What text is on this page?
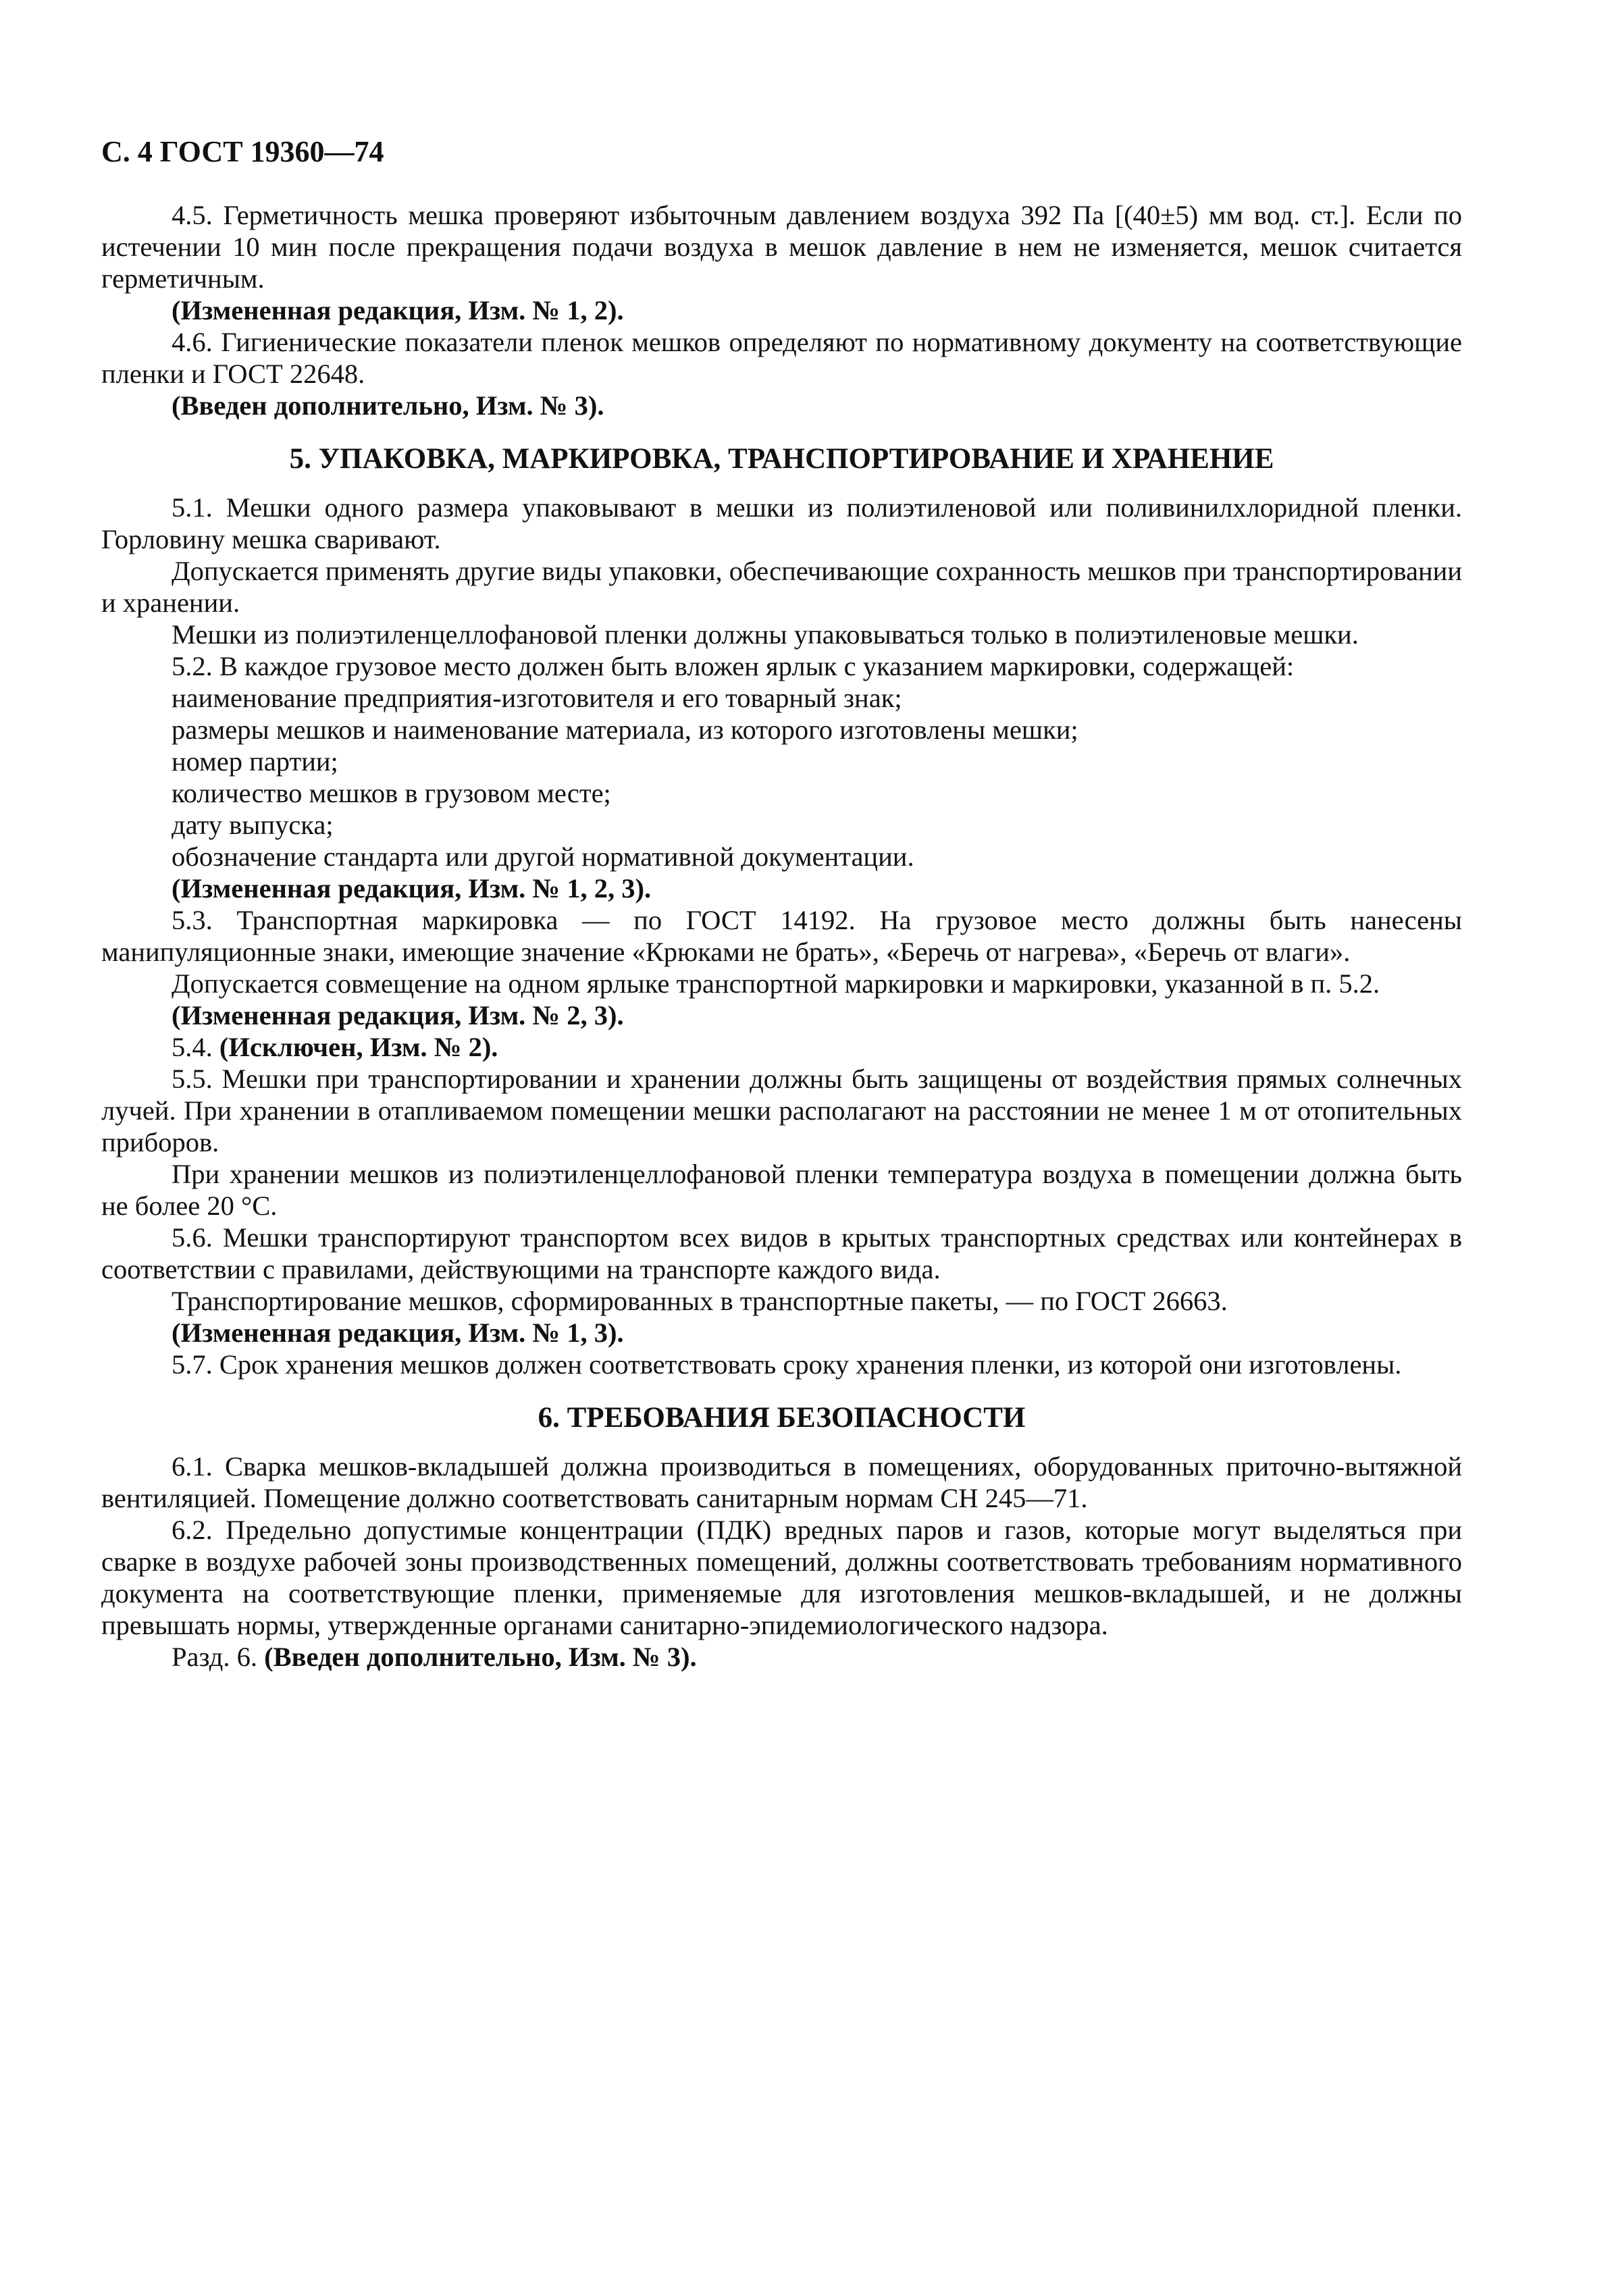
С. 4 ГОСТ 19360—74

4.5. Герметичность мешка проверяют избыточным давлением воздуха 392 Па [(40±5) мм вод. ст.]. Если по истечении 10 мин после прекращения подачи воздуха в мешок давление в нем не изменяется, мешок считается герметичным.

(Измененная редакция, Изм. № 1, 2).

4.6. Гигиенические показатели пленок мешков определяют по нормативному документу на соответствующие пленки и ГОСТ 22648.

(Введен дополнительно, Изм. № 3).

5. УПАКОВКА, МАРКИРОВКА, ТРАНСПОРТИРОВАНИЕ И ХРАНЕНИЕ

5.1. Мешки одного размера упаковывают в мешки из полиэтиленовой или поливинилхлоридной пленки. Горловину мешка сваривают.

Допускается применять другие виды упаковки, обеспечивающие сохранность мешков при транспортировании и хранении.

Мешки из полиэтиленцеллофановой пленки должны упаковываться только в полиэтиленовые мешки.

5.2. В каждое грузовое место должен быть вложен ярлык с указанием маркировки, содержащей:

наименование предприятия-изготовителя и его товарный знак;

размеры мешков и наименование материала, из которого изготовлены мешки;

номер партии;

количество мешков в грузовом месте;

дату выпуска;

обозначение стандарта или другой нормативной документации.

(Измененная редакция, Изм. № 1, 2, 3).

5.3. Транспортная маркировка — по ГОСТ 14192. На грузовое место должны быть нанесены манипуляционные знаки, имеющие значение «Крюками не брать», «Беречь от нагрева», «Беречь от влаги».

Допускается совмещение на одном ярлыке транспортной маркировки и маркировки, указанной в п. 5.2.

(Измененная редакция, Изм. № 2, 3).

5.4. (Исключен, Изм. № 2).

5.5. Мешки при транспортировании и хранении должны быть защищены от воздействия прямых солнечных лучей. При хранении в отапливаемом помещении мешки располагают на расстоянии не менее 1 м от отопительных приборов.

При хранении мешков из полиэтиленцеллофановой пленки температура воздуха в помещении должна быть не более 20 °С.

5.6. Мешки транспортируют транспортом всех видов в крытых транспортных средствах или контейнерах в соответствии с правилами, действующими на транспорте каждого вида.

Транспортирование мешков, сформированных в транспортные пакеты, — по ГОСТ 26663.

(Измененная редакция, Изм. № 1, 3).

5.7. Срок хранения мешков должен соответствовать сроку хранения пленки, из которой они изготовлены.

6. ТРЕБОВАНИЯ БЕЗОПАСНОСТИ

6.1. Сварка мешков-вкладышей должна производиться в помещениях, оборудованных приточно-вытяжной вентиляцией. Помещение должно соответствовать санитарным нормам СН 245—71.

6.2. Предельно допустимые концентрации (ПДК) вредных паров и газов, которые могут выделяться при сварке в воздухе рабочей зоны производственных помещений, должны соответствовать требованиям нормативного документа на соответствующие пленки, применяемые для изготовления мешков-вкладышей, и не должны превышать нормы, утвержденные органами санитарно-эпидемиологического надзора.

Разд. 6. (Введен дополнительно, Изм. № 3).
